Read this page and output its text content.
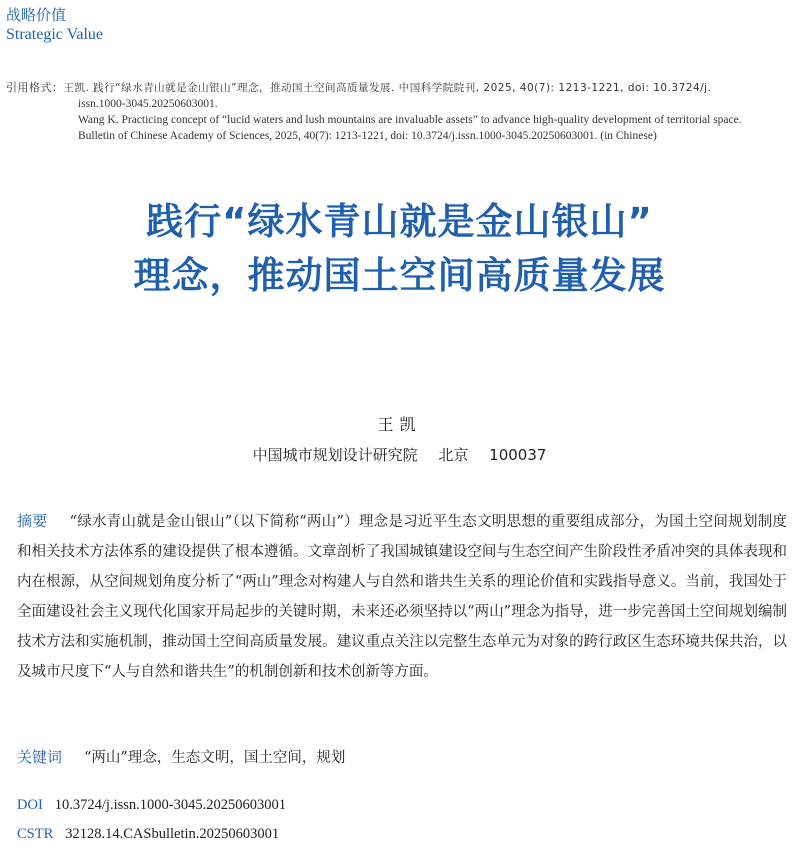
战略价值
Strategic Value
引用格式：王凯. 践行“绿水青山就是金山银山”理念，推动国土空间高质量发展. 中国科学院院刊, 2025, 40(7): 1213-1221, doi: 10.3724/j.
issn.1000-3045.20250603001.
Wang K. Practicing concept of “lucid waters and lush mountains are invaluable assets” to advance high-quality development of territorial space.
Bulletin of Chinese Academy of Sciences, 2025, 40(7): 1213-1221, doi: 10.3724/j.issn.1000-3045.20250603001. (in Chinese)
践行“绿水青山就是金山银山”
理念，推动国土空间高质量发展
王凯
中国城市规划设计研究院 北京 100037
摘要 “绿水青山就是金山银山”（以下简称“两山”）理念是习近平生态文明思想的重要组成部分，为国土空间规划制度和相关技术方法体系的建设提供了根本遵循。文章剖析了我国城镇建设空间与生态空间产生阶段性矛盾冲突的具体表现和内在根源，从空间规划角度分析了“两山”理念对构建人与自然和谐共生关系的理论价值和实践指导意义。当前，我国处于全面建设社会主义现代化国家开局起步的关键时期，未来还必须坚持以“两山”理念为指导，进一步完善国土空间规划编制技术方法和实施机制，推动国土空间高质量发展。建议重点关注以完整生态单元为对象的跨行政区生态环境共保共治，以及城市尺度下“人与自然和谐共生”的机制创新和技术创新等方面。
关键词 “两山”理念，生态文明，国土空间，规划
DOI 10.3724/j.issn.1000-3045.20250603001
CSTR 32128.14.CASbulletin.20250603001
